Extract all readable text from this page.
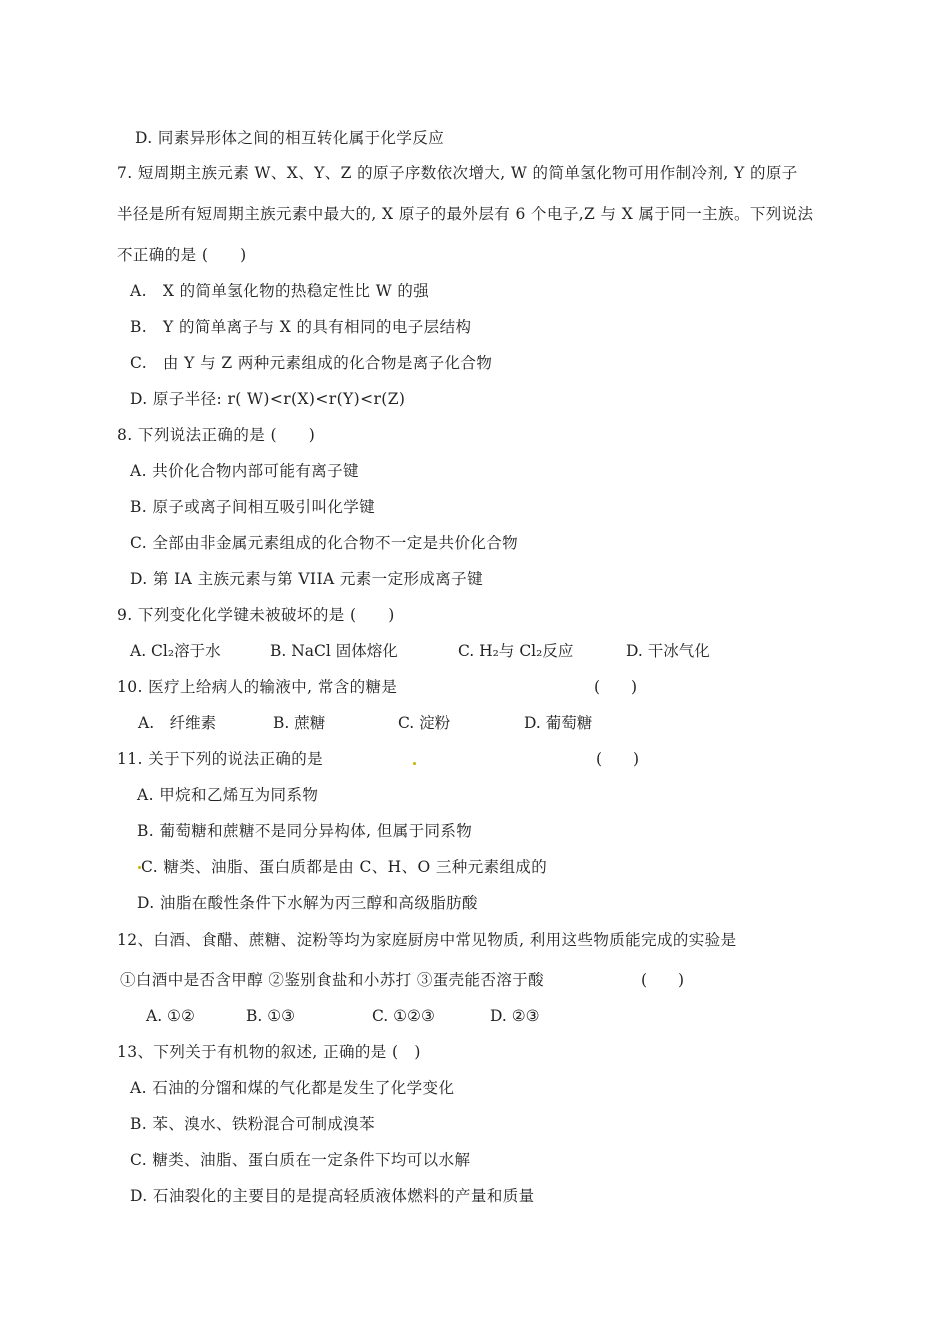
D. 同素异形体之间的相互转化属于化学反应
7. 短周期主族元素 W、X、Y、Z 的原子序数依次增大, W 的简单氢化物可用作制冷剂, Y 的原子
半径是所有短周期主族元素中最大的, X 原子的最外层有 6 个电子,Z 与 X 属于同一主族。下列说法
不正确的是 (　　)
A.　X 的简单氢化物的热稳定性比 W 的强
B.　Y 的简单离子与 X 的具有相同的电子层结构
C.　由 Y 与 Z 两种元素组成的化合物是离子化合物
D. 原子半径: r( W)<r(X)<r(Y)<r(Z)
8. 下列说法正确的是 (　　)
A. 共价化合物内部可能有离子键
B. 原子或离子间相互吸引叫化学键
C. 全部由非金属元素组成的化合物不一定是共价化合物
D. 第 IA 主族元素与第 VIIA 元素一定形成离子键
9. 下列变化化学键未被破坏的是 (　　)
A. Cl₂溶于水	B. NaCl 固体熔化	C. H₂与 Cl₂反应	D. 干冰气化
10. 医疗上给病人的输液中, 常含的糖是	(　　)
A.　纤维素	B. 蔗糖	C. 淀粉	D. 葡萄糖
11. 关于下列的说法正确的是	(　　)
A. 甲烷和乙烯互为同系物
B. 葡萄糖和蔗糖不是同分异构体, 但属于同系物
C. 糖类、油脂、蛋白质都是由 C、H、O 三种元素组成的
D. 油脂在酸性条件下水解为丙三醇和高级脂肪酸
12、白酒、食醋、蔗糖、淀粉等均为家庭厨房中常见物质, 利用这些物质能完成的实验是
①白酒中是否含甲醇 ②鉴别食盐和小苏打 ③蛋壳能否溶于酸	(　　)
A. ①②	B. ①③	C. ①②③	D. ②③
13、下列关于有机物的叙述, 正确的是 (　)
A. 石油的分馏和煤的气化都是发生了化学变化
B. 苯、溴水、铁粉混合可制成溴苯
C. 糖类、油脂、蛋白质在一定条件下均可以水解
D. 石油裂化的主要目的是提高轻质液体燃料的产量和质量
